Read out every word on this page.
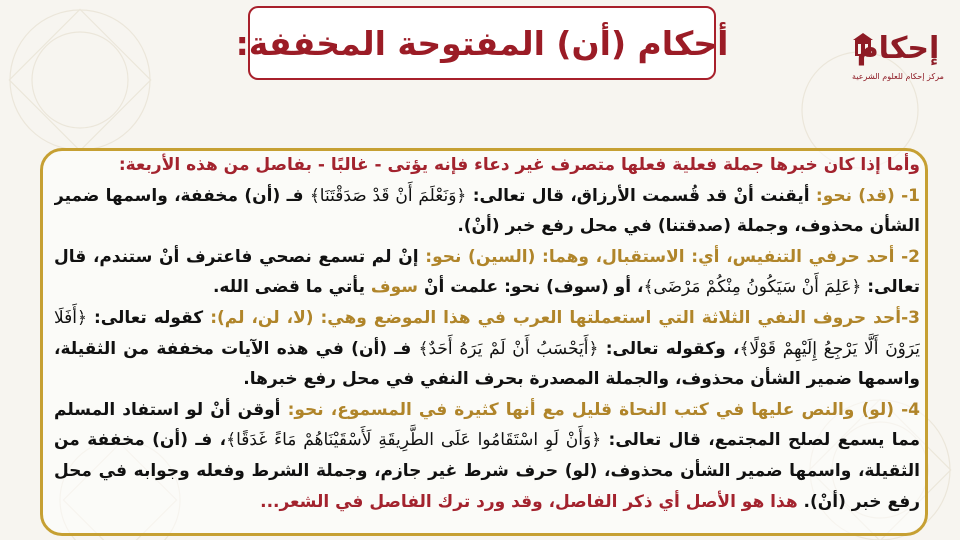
أحكام (أن) المفتوحة المخففة:	إحكام
مركز إحكام للعلوم الشرعية

وأما إذا كان خبرها جملة فعلية فعلها متصرف غير دعاء فإنه يؤتى - غالبًا - بفاصل من هذه الأربعة:

1- (قد) نحو: أيقنت أنْ قد قُسمت الأرزاق، قال تعالى: ﴿وَنَعْلَمَ أَنْ قَدْ صَدَقْتَنَا﴾ فـ (أن) مخففة، واسمها ضمير الشأن محذوف، وجملة (صدقتنا) في محل رفع خبر (أنْ).

2- أحد حرفي التنفيس، أي: الاستقبال، وهما: (السين) نحو: إنْ لم تسمع نصحي فاعترف أنْ ستندم، قال تعالى: ﴿عَلِمَ أَنْ سَيَكُونُ مِنْكُمْ مَرْضَى﴾، أو (سوف) نحو: علمت أنْ سوف يأتي ما قضى الله.

3-أحد حروف النفي الثلاثة التي استعملتها العرب في هذا الموضع وهي: (لا، لن، لم): كقوله تعالى: ﴿أَفَلَا يَرَوْنَ أَلَّا يَرْجِعُ إِلَيْهِمْ قَوْلًا﴾، وكقوله تعالى: ﴿أَيَحْسَبُ أَنْ لَمْ يَرَهُ أَحَدٌ﴾ فـ (أن) في هذه الآيات مخففة من الثقيلة، واسمها ضمير الشأن محذوف، والجملة المصدرة بحرف النفي في محل رفع خبرها.

4- (لو) والنص عليها في كتب النحاة قليل مع أنها كثيرة في المسموع، نحو: أوقن أنْ لو استفاد المسلم مما يسمع لصلح المجتمع، قال تعالى: ﴿وَأَنْ لَوِ اسْتَقَامُوا عَلَى الطَّرِيقَةِ لَأَسْقَيْنَاهُمْ مَاءً غَدَقًا﴾، فـ (أن) مخففة من الثقيلة، واسمها ضمير الشأن محذوف، (لو) حرف شرط غير جازم، وجملة الشرط وفعله وجوابه في محل رفع خبر (أنْ). هذا هو الأصل أي ذكر الفاصل، وقد ورد ترك الفاصل في الشعر...
